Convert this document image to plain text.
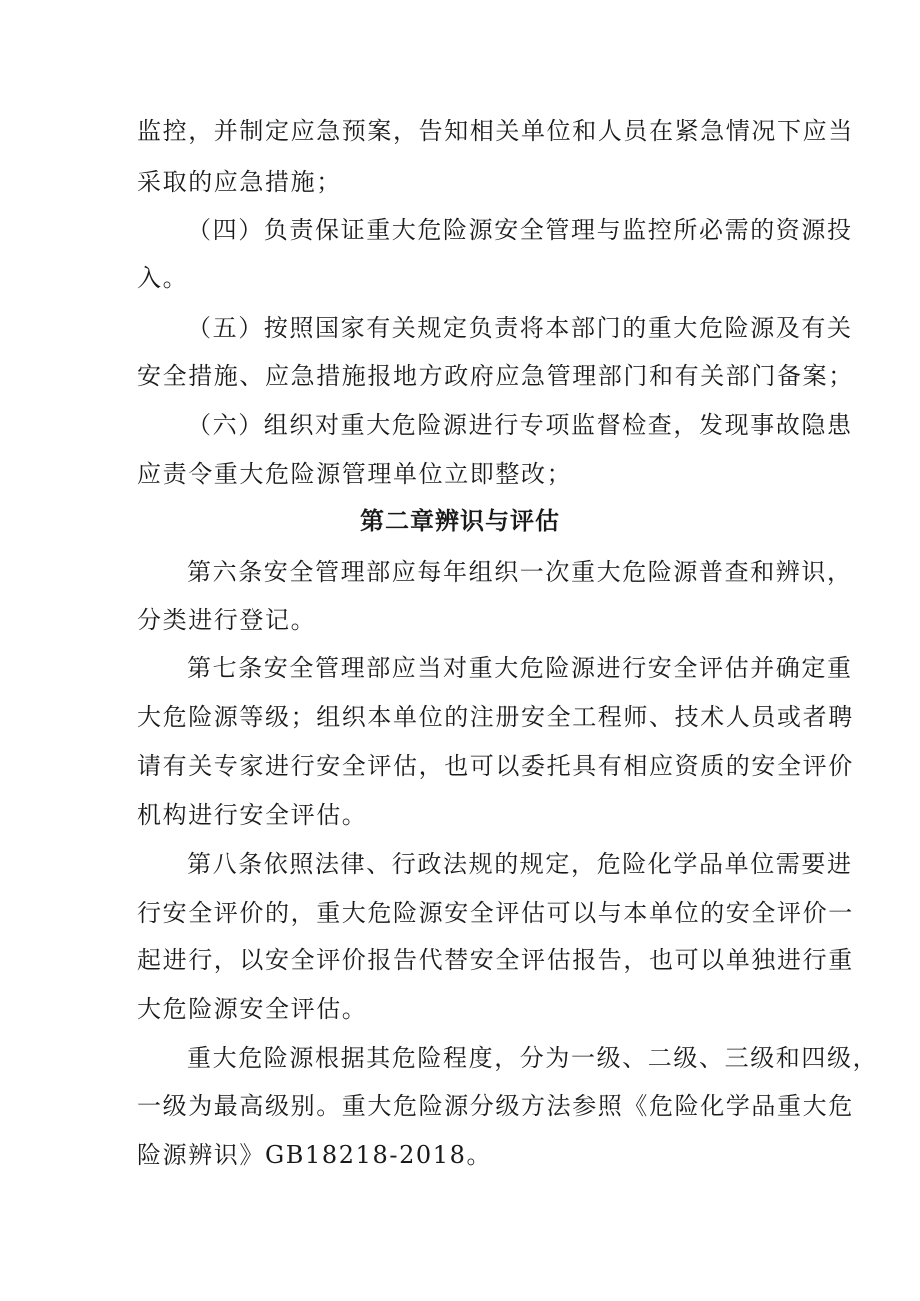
监控，并制定应急预案，告知相关单位和人员在紧急情况下应当
采取的应急措施；
（四）负责保证重大危险源安全管理与监控所必需的资源投
入。
（五）按照国家有关规定负责将本部门的重大危险源及有关
安全措施、应急措施报地方政府应急管理部门和有关部门备案；
（六）组织对重大危险源进行专项监督检查，发现事故隐患
应责令重大危险源管理单位立即整改；
第二章辨识与评估
第六条安全管理部应每年组织一次重大危险源普查和辨识，
分类进行登记。
第七条安全管理部应当对重大危险源进行安全评估并确定重
大危险源等级；组织本单位的注册安全工程师、技术人员或者聘
请有关专家进行安全评估，也可以委托具有相应资质的安全评价
机构进行安全评估。
第八条依照法律、行政法规的规定，危险化学品单位需要进
行安全评价的，重大危险源安全评估可以与本单位的安全评价一
起进行，以安全评价报告代替安全评估报告，也可以单独进行重
大危险源安全评估。
重大危险源根据其危险程度，分为一级、二级、三级和四级，
一级为最高级别。重大危险源分级方法参照《危险化学品重大危
险源辨识》GB18218-2018。
